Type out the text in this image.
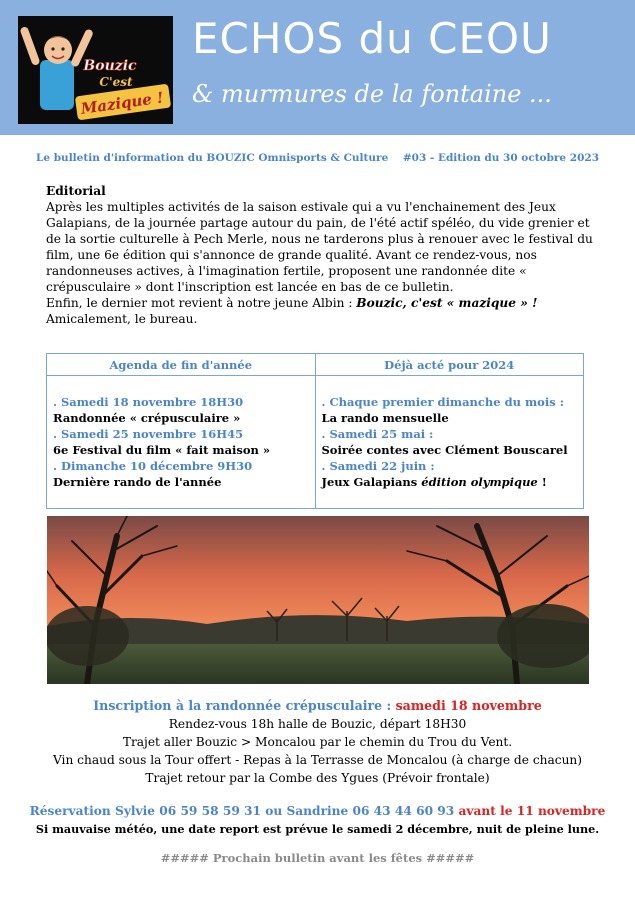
Bouzic
C'est
Mazique !
ECHOS du CEOU
& murmures de la fontaine ...
Le bulletin d'information du BOUZIC Omnisports & Culture    #03 - Edition du 30 octobre 2023
Editorial
Après les multiples activités de la saison estivale qui a vu l'enchainement des Jeux Galapians, de la journée partage autour du pain, de l'été actif spéléo, du vide grenier et de la sortie culturelle à Pech Merle, nous ne tarderons plus à renouer avec le festival du film, une 6e édition qui s'annonce de grande qualité. Avant ce rendez-vous, nos randonneuses actives, à l'imagination fertile, proposent une randonnée dite « crépusculaire » dont l'inscription est lancée en bas de ce bulletin.
Enfin, le dernier mot revient à notre jeune Albin : Bouzic, c'est « mazique » !
Amicalement, le bureau.
Agenda de fin d'année
. Samedi 18 novembre 18H30
Randonnée « crépusculaire »
. Samedi 25 novembre 16H45
6e Festival du film « fait maison »
. Dimanche 10 décembre 9H30
Dernière rando de l'année
Déjà acté pour 2024
. Chaque premier dimanche du mois :
La rando mensuelle
. Samedi 25 mai :
Soirée contes avec Clément Bouscarel
. Samedi 22 juin :
Jeux Galapians édition olympique !
Inscription à la randonnée crépusculaire : samedi 18 novembre
Rendez-vous 18h halle de Bouzic, départ 18H30
Trajet aller Bouzic > Moncalou par le chemin du Trou du Vent.
Vin chaud sous la Tour offert - Repas à la Terrasse de Moncalou (à charge de chacun)
Trajet retour par la Combe des Ygues (Prévoir frontale)
Réservation Sylvie 06 59 58 59 31 ou Sandrine 06 43 44 60 93 avant le 11 novembre
Si mauvaise météo, une date report est prévue le samedi 2 décembre, nuit de pleine lune.
##### Prochain bulletin avant les fêtes #####
